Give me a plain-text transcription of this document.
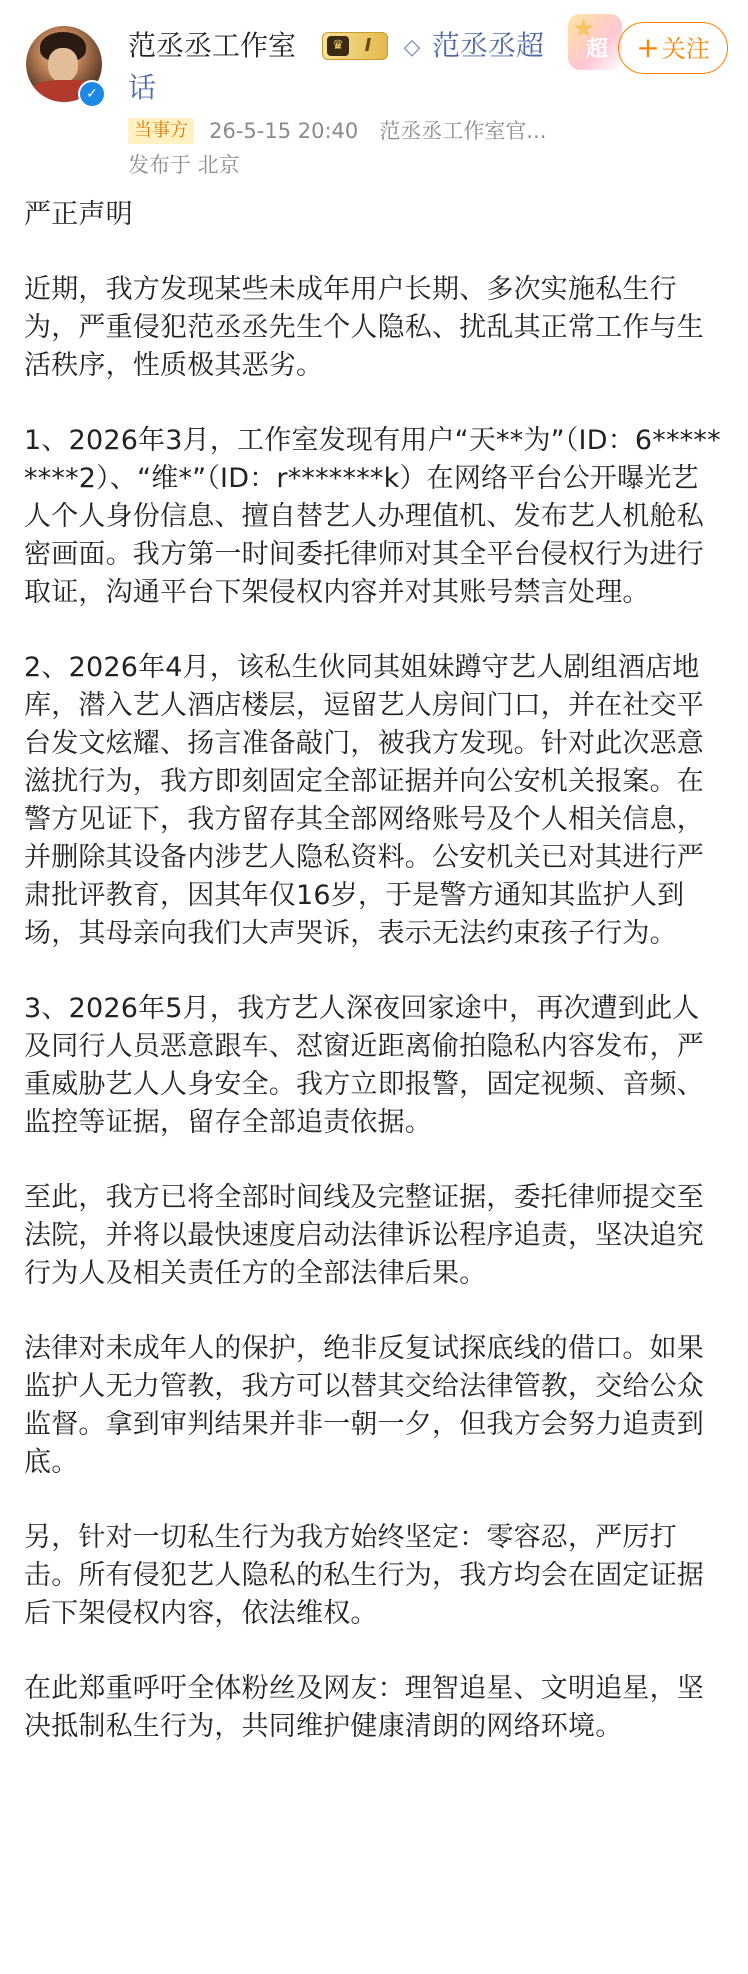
✓
范丞丞工作室	♛	I	◇ 范丞丞超
话
★
超	+关注
当事方 26-5-15 20:40 范丞丞工作室官...
发布于 北京

严正声明

近期，我方发现某些未成年用户长期、多次实施私生行为，严重侵犯范丞丞先生个人隐私、扰乱其正常工作与生活秩序，性质极其恶劣。

1、2026年3月，工作室发现有用户“天**为”（ID：6*********2）、“维*”（ID：r*******k）在网络平台公开曝光艺人个人身份信息、擅自替艺人办理值机、发布艺人机舱私密画面。我方第一时间委托律师对其全平台侵权行为进行取证，沟通平台下架侵权内容并对其账号禁言处理。

2、2026年4月，该私生伙同其姐妹蹲守艺人剧组酒店地库，潜入艺人酒店楼层，逗留艺人房间门口，并在社交平台发文炫耀、扬言准备敲门，被我方发现。针对此次恶意滋扰行为，我方即刻固定全部证据并向公安机关报案。在警方见证下，我方留存其全部网络账号及个人相关信息，并删除其设备内涉艺人隐私资料。公安机关已对其进行严肃批评教育，因其年仅16岁，于是警方通知其监护人到场，其母亲向我们大声哭诉，表示无法约束孩子行为。

3、2026年5月，我方艺人深夜回家途中，再次遭到此人及同行人员恶意跟车、怼窗近距离偷拍隐私内容发布，严重威胁艺人人身安全。我方立即报警，固定视频、音频、监控等证据，留存全部追责依据。

至此，我方已将全部时间线及完整证据，委托律师提交至法院，并将以最快速度启动法律诉讼程序追责，坚决追究行为人及相关责任方的全部法律后果。

法律对未成年人的保护，绝非反复试探底线的借口。如果监护人无力管教，我方可以替其交给法律管教，交给公众监督。拿到审判结果并非一朝一夕，但我方会努力追责到底。

另，针对一切私生行为我方始终坚定：零容忍，严厉打击。所有侵犯艺人隐私的私生行为，我方均会在固定证据后下架侵权内容，依法维权。

在此郑重呼吁全体粉丝及网友：理智追星、文明追星，坚决抵制私生行为，共同维护健康清朗的网络环境。
